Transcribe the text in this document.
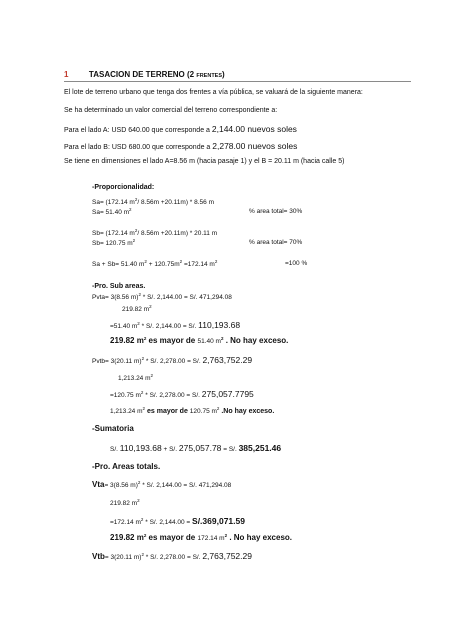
1	TASACION DE TERRENO (2 FRENTES)
El lote de terreno urbano que tenga dos frentes a vía pública, se valuará de la siguiente manera:
Se ha determinado un valor comercial del terreno correspondiente a:
Para el lado A: USD 640.00 que corresponde a 2,144.00 nuevos soles
Para el lado B: USD 680.00 que corresponde a 2,278.00 nuevos soles
Se tiene en dimensiones el lado A=8.56 m (hacia pasaje 1) y el B = 20.11 m (hacia calle 5)
-Proporcionalidad:
Sa= (172.14 $m^2/$ 8.56m +20.11m) * 8.56 m
Sa= 51.40 $m^2$	% area total= 30%
Sb= (172.14 $m^2/$ 8.56m +20.11m) * 20.11 m
Sb= 120.75 $m^2$	% area total= 70%
Sa + Sb= 51.40 $m^2 + 120.75m^2 =172.14$ $m^2$	=100 %
-Pro. Sub areas.
Pvta= 3(8.56 m)$^2$ * S/. 2,144.00 = S/. 471,294.08
219.82 $m^2$
=51.40 $m^2 * S/$. 2,144.00 = S/. 110,193.68
219.82 $m^2$ es mayor de 51.40 $m^2$ . No hay exceso.
Pvtb= 3(20.11 m)$^2$ * S/. 2,278.00 = S/. 2,763,752.29
1,213.24 $m^2$
=120.75 $m^2 * S/$. 2,278.00 = S/. 275,057.7795
1,213.24 $m^2$ es mayor de 120.75 $m^2$ .No hay exceso.
-Sumatoria
S/. 110,193.68 + S/. 275,057.78 = S/. 385,251.46
-Pro. Areas totals.
Vta= 3(8.56 m)$^2$ * S/. 2,144.00 = S/. 471,294.08
219.82 $m^2$
=172.14 $m^2 * S/$. 2,144.00 = S/.369,071.59
219.82 $m^2$ es mayor de 172.14 $m^2$ . No hay exceso.
Vtb= 3(20.11 m)$^2$ * S/. 2,278.00 = S/. 2,763,752.29
